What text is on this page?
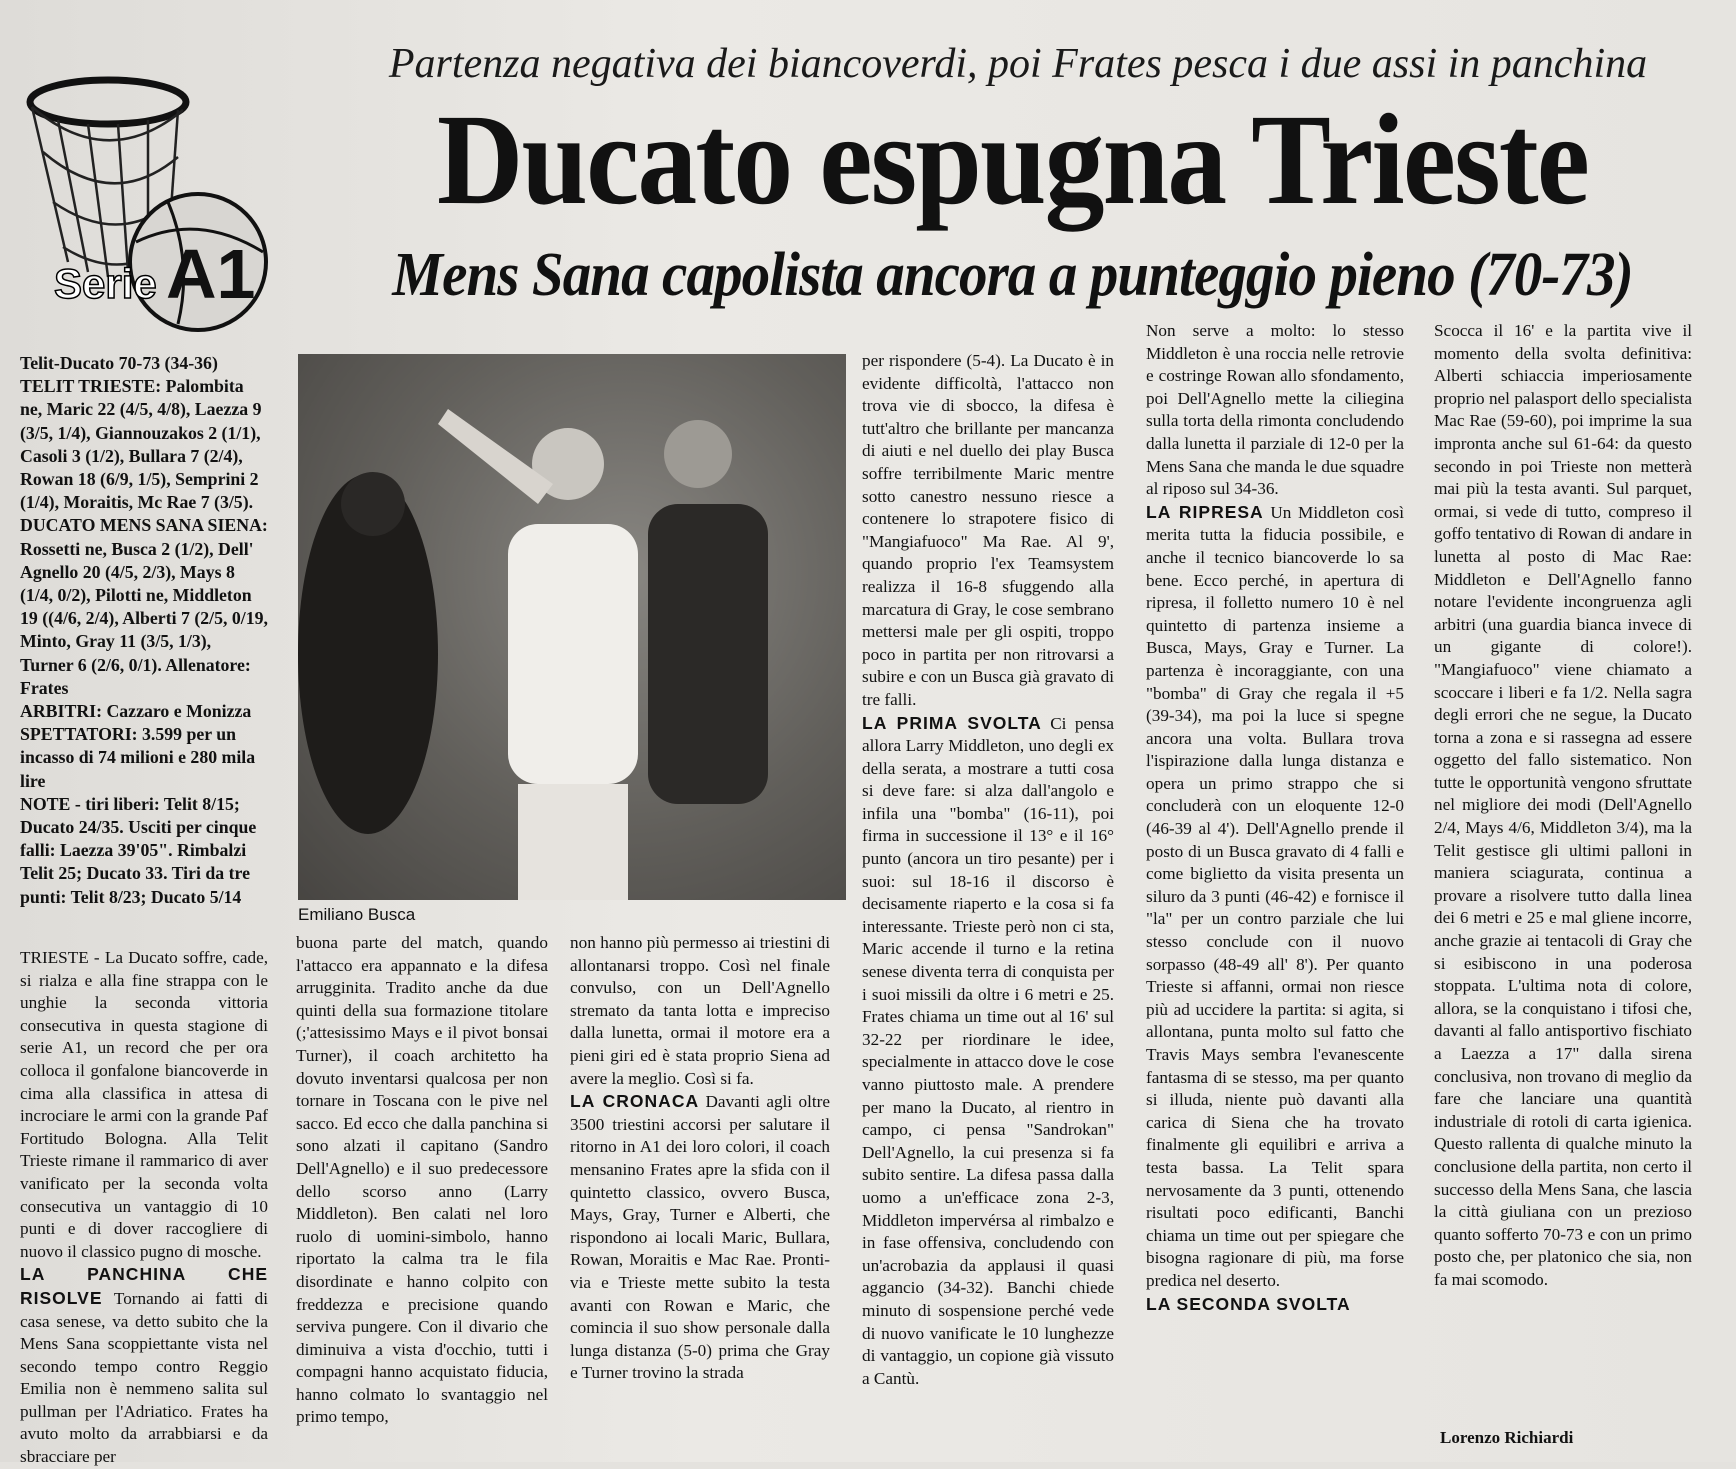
Serie A1
Partenza negativa dei biancoverdi, poi Frates pesca i due assi in panchina
Ducato espugna Trieste
Mens Sana capolista ancora a punteggio pieno (70-73)

Telit-Ducato 70-73 (34-36)

TELIT TRIESTE: Palombita ne, Maric 22 (4/5, 4/8), Laezza 9 (3/5, 1/4), Giannouzakos 2 (1/1), Casoli 3 (1/2), Bullara 7 (2/4), Rowan 18 (6/9, 1/5), Semprini 2 (1/4), Moraitis, Mc Rae 7 (3/5).

DUCATO MENS SANA SIENA: Rossetti ne, Busca 2 (1/2), Dell' Agnello 20 (4/5, 2/3), Mays 8 (1/4, 0/2), Pilotti ne, Middleton 19 ((4/6, 2/4), Alberti 7 (2/5, 0/19, Minto, Gray 11 (3/5, 1/3), Turner 6 (2/6, 0/1). Allenatore: Frates

ARBITRI: Cazzaro e Monizza

SPETTATORI: 3.599 per un incasso di 74 milioni e 280 mila lire

NOTE - tiri liberi: Telit 8/15; Ducato 24/35. Usciti per cinque falli: Laezza 39'05". Rimbalzi Telit 25; Ducato 33. Tiri da tre punti: Telit 8/23; Ducato 5/14

Emiliano Busca

TRIESTE - La Ducato soffre, cade, si rialza e alla fine strappa con le unghie la seconda vittoria consecutiva in questa stagione di serie A1, un record che per ora colloca il gonfalone biancoverde in cima alla classifica in attesa di incrociare le armi con la grande Paf Fortitudo Bologna. Alla Telit Trieste rimane il rammarico di aver vanificato per la seconda volta consecutiva un vantaggio di 10 punti e di dover raccogliere di nuovo il classico pugno di mosche.

LA PANCHINA CHE RISOLVE Tornando ai fatti di casa senese, va detto subito che la Mens Sana scoppiettante vista nel secondo tempo contro Reggio Emilia non è nemmeno salita sul pullman per l'Adriatico. Frates ha avuto molto da arrabbiarsi e da sbracciare per

buona parte del match, quando l'attacco era appannato e la difesa arrugginita. Tradito anche da due quinti della sua formazione titolare (;'attesissimo Mays e il pivot bonsai Turner), il coach architetto ha dovuto inventarsi qualcosa per non tornare in Toscana con le pive nel sacco. Ed ecco che dalla panchina si sono alzati il capitano (Sandro Dell'Agnello) e il suo predecessore dello scorso anno (Larry Middleton). Ben calati nel loro ruolo di uomini-simbolo, hanno riportato la calma tra le fila disordinate e hanno colpito con freddezza e precisione quando serviva pungere. Con il divario che diminuiva a vista d'occhio, tutti i compagni hanno acquistato fiducia, hanno colmato lo svantaggio nel primo tempo,

non hanno più permesso ai triestini di allontanarsi troppo. Così nel finale convulso, con un Dell'Agnello stremato da tanta lotta e impreciso dalla lunetta, ormai il motore era a pieni giri ed è stata proprio Siena ad avere la meglio. Così si fa.

LA CRONACA Davanti agli oltre 3500 triestini accorsi per salutare il ritorno in A1 dei loro colori, il coach mensanino Frates apre la sfida con il quintetto classico, ovvero Busca, Mays, Gray, Turner e Alberti, che rispondono ai locali Maric, Bullara, Rowan, Moraitis e Mac Rae. Pronti-via e Trieste mette subito la testa avanti con Rowan e Maric, che comincia il suo show personale dalla lunga distanza (5-0) prima che Gray e Turner trovino la strada

per rispondere (5-4). La Ducato è in evidente difficoltà, l'attacco non trova vie di sbocco, la difesa è tutt'altro che brillante per mancanza di aiuti e nel duello dei play Busca soffre terribilmente Maric mentre sotto canestro nessuno riesce a contenere lo strapotere fisico di "Mangiafuoco" Ma Rae. Al 9', quando proprio l'ex Teamsystem realizza il 16-8 sfuggendo alla marcatura di Gray, le cose sembrano mettersi male per gli ospiti, troppo poco in partita per non ritrovarsi a subire e con un Busca già gravato di tre falli.

LA PRIMA SVOLTA Ci pensa allora Larry Middleton, uno degli ex della serata, a mostrare a tutti cosa si deve fare: si alza dall'angolo e infila una "bomba" (16-11), poi firma in successione il 13° e il 16° punto (ancora un tiro pesante) per i suoi: sul 18-16 il discorso è decisamente riaperto e la cosa si fa interessante. Trieste però non ci sta, Maric accende il turno e la retina senese diventa terra di conquista per i suoi missili da oltre i 6 metri e 25. Frates chiama un time out al 16' sul 32-22 per riordinare le idee, specialmente in attacco dove le cose vanno piuttosto male. A prendere per mano la Ducato, al rientro in campo, ci pensa "Sandrokan" Dell'Agnello, la cui presenza si fa subito sentire. La difesa passa dalla uomo a un'efficace zona 2-3, Middleton impervérsa al rimbalzo e in fase offensiva, concludendo con un'acrobazia da applausi il quasi aggancio (34-32). Banchi chiede minuto di sospensione perché vede di nuovo vanificate le 10 lunghezze di vantaggio, un copione già vissuto a Cantù.

Non serve a molto: lo stesso Middleton è una roccia nelle retrovie e costringe Rowan allo sfondamento, poi Dell'Agnello mette la ciliegina sulla torta della rimonta concludendo dalla lunetta il parziale di 12-0 per la Mens Sana che manda le due squadre al riposo sul 34-36.

LA RIPRESA Un Middleton così merita tutta la fiducia possibile, e anche il tecnico biancoverde lo sa bene. Ecco perché, in apertura di ripresa, il folletto numero 10 è nel quintetto di partenza insieme a Busca, Mays, Gray e Turner. La partenza è incoraggiante, con una "bomba" di Gray che regala il +5 (39-34), ma poi la luce si spegne ancora una volta. Bullara trova l'ispirazione dalla lunga distanza e opera un primo strappo che si concluderà con un eloquente 12-0 (46-39 al 4'). Dell'Agnello prende il posto di un Busca gravato di 4 falli e come biglietto da visita presenta un siluro da 3 punti (46-42) e fornisce il "la" per un contro parziale che lui stesso conclude con il nuovo sorpasso (48-49 all' 8'). Per quanto Trieste si affanni, ormai non riesce più ad uccidere la partita: si agita, si allontana, punta molto sul fatto che Travis Mays sembra l'evanescente fantasma di se stesso, ma per quanto si illuda, niente può davanti alla carica di Siena che ha trovato finalmente gli equilibri e arriva a testa bassa. La Telit spara nervosamente da 3 punti, ottenendo risultati poco edificanti, Banchi chiama un time out per spiegare che bisogna ragionare di più, ma forse predica nel deserto.

LA SECONDA SVOLTA

Scocca il 16' e la partita vive il momento della svolta definitiva: Alberti schiaccia imperiosamente proprio nel palasport dello specialista Mac Rae (59-60), poi imprime la sua impronta anche sul 61-64: da questo secondo in poi Trieste non metterà mai più la testa avanti. Sul parquet, ormai, si vede di tutto, compreso il goffo tentativo di Rowan di andare in lunetta al posto di Mac Rae: Middleton e Dell'Agnello fanno notare l'evidente incongruenza agli arbitri (una guardia bianca invece di un gigante di colore!). "Mangiafuoco" viene chiamato a scoccare i liberi e fa 1/2. Nella sagra degli errori che ne segue, la Ducato torna a zona e si rassegna ad essere oggetto del fallo sistematico. Non tutte le opportunità vengono sfruttate nel migliore dei modi (Dell'Agnello 2/4, Mays 4/6, Middleton 3/4), ma la Telit gestisce gli ultimi palloni in maniera sciagurata, continua a provare a risolvere tutto dalla linea dei 6 metri e 25 e mal gliene incorre, anche grazie ai tentacoli di Gray che si esibiscono in una poderosa stoppata. L'ultima nota di colore, allora, se la conquistano i tifosi che, davanti al fallo antisportivo fischiato a Laezza a 17" dalla sirena conclusiva, non trovano di meglio da fare che lanciare una quantità industriale di rotoli di carta igienica. Questo rallenta di qualche minuto la conclusione della partita, non certo il successo della Mens Sana, che lascia la città giuliana con un prezioso quanto sofferto 70-73 e con un primo posto che, per platonico che sia, non fa mai scomodo.

Lorenzo Richiardi
